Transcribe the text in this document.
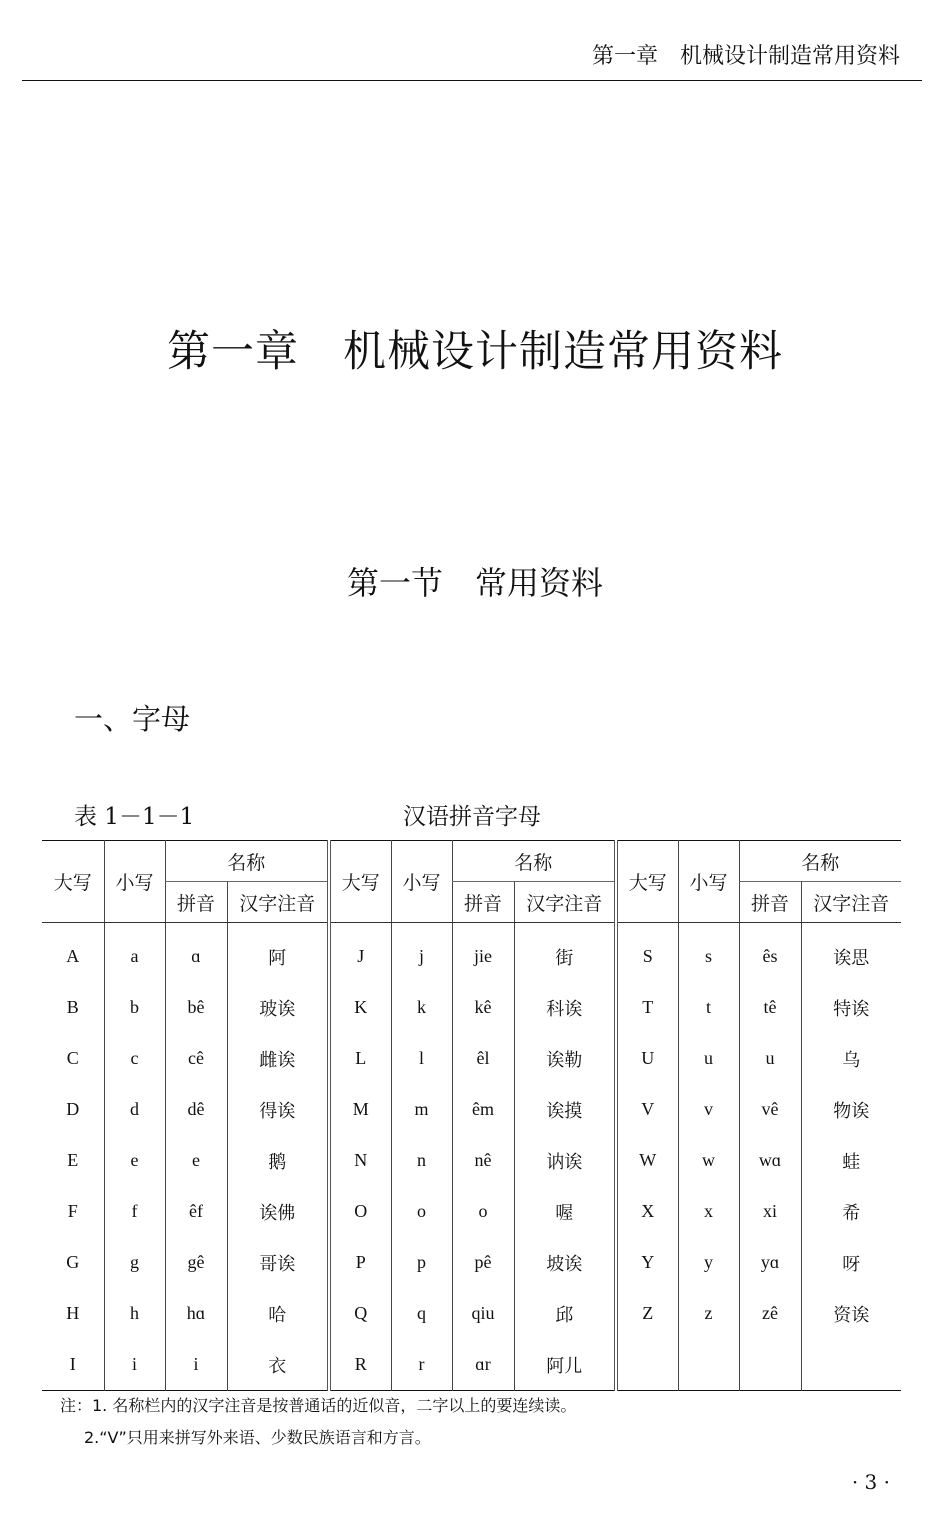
第一章　机械设计制造常用资料
第一章　机械设计制造常用资料
第一节　常用资料
一、字母
表 1－1－1	汉语拼音字母
大写	小写	名称		大写	小写	名称		大写	小写	名称	
		拼音	汉字注音			拼音	汉字注音			拼音	汉字注音
A	a	ɑ	阿	J	j	jie	街	S	s	ês	诶思
B	b	bê	玻诶	K	k	kê	科诶	T	t	tê	特诶
C	c	cê	雌诶	L	l	êl	诶勒	U	u	u	乌
D	d	dê	得诶	M	m	êm	诶摸	V	v	vê	物诶
E	e	e	鹅	N	n	nê	讷诶	W	w	wɑ	蛙
F	f	êf	诶佛	O	o	o	喔	X	x	xi	希
G	g	gê	哥诶	P	p	pê	坡诶	Y	y	yɑ	呀
H	h	hɑ	哈	Q	q	qiu	邱	Z	z	zê	资诶
I	i	i	衣	R	r	ɑr	阿儿				
注：1. 名称栏内的汉字注音是按普通话的近似音，二字以上的要连续读。
2.“V”只用来拼写外来语、少数民族语言和方言。
· 3 ·
